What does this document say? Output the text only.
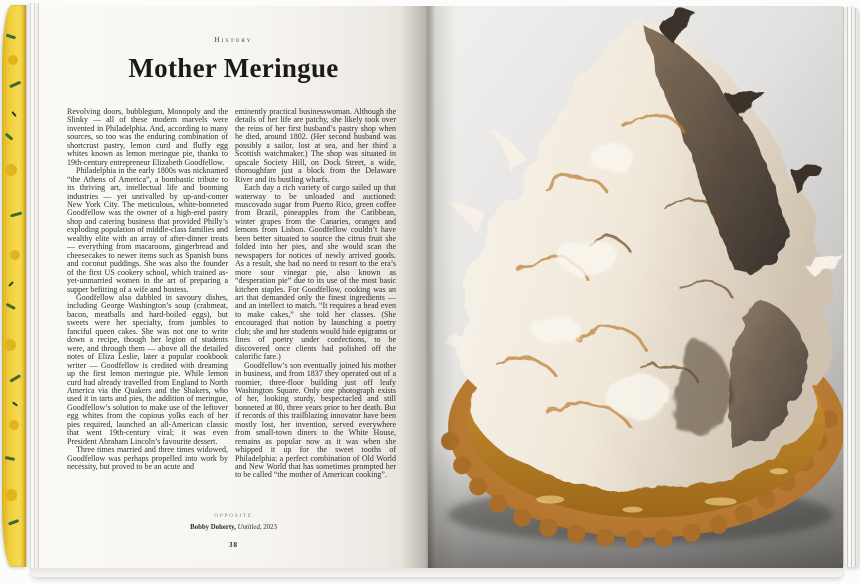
History
Mother Meringue

Revolving doors, bubblegum, Monopoly and the Slinky — all of these modern marvels were invented in Philadelphia. And, according to many sources, so too was the enduring combination of shortcrust pastry, lemon curd and fluffy egg whites known as lemon meringue pie, thanks to 19th-century entrepreneur Elizabeth Goodfellow.

Philadelphia in the early 1800s was nicknamed “the Athens of America”, a bombastic tribute to its thriving art, intellectual life and booming industries — yet unrivalled by up-and-comer New York City. The meticulous, white-bonneted Goodfellow was the owner of a high-end pastry shop and catering business that provided Philly’s exploding population of middle-class families and wealthy elite with an array of after-dinner treats — everything from macaroons, gingerbread and cheesecakes to newer items such as Spanish buns and coconut puddings. She was also the founder of the first US cookery school, which trained as-yet-unmarried women in the art of preparing a supper befitting of a wife and hostess.

Goodfellow also dabbled in savoury dishes, including George Washington’s soup (crabmeat, bacon, meatballs and hard-boiled eggs), but sweets were her specialty, from jumbles to fanciful queen cakes. She was not one to write down a recipe, though her legion of students were, and through them — above all the detailed notes of Eliza Leslie, later a popular cookbook writer — Goodfellow is credited with dreaming up the first lemon meringue pie. While lemon curd had already travelled from England to North America via the Quakers and the Shakers, who used it in tarts and pies, the addition of meringue, Goodfellow’s solution to make use of the leftover egg whites from the copious yolks each of her pies required, launched an all-American classic that went 19th-century viral; it was even President Abraham Lincoln’s favourite dessert.

Three times married and three times widowed, Goodfellow was perhaps propelled into work by necessity, but proved to be an acute and

eminently practical businesswoman. Although the details of her life are patchy, she likely took over the reins of her first husband’s pastry shop when he died, around 1802. (Her second husband was possibly a sailor, lost at sea, and her third a Scottish watchmaker.) The shop was situated in upscale Society Hill, on Dock Street, a wide, thoroughfare just a block from the Delaware River and its bustling wharfs.

Each day a rich variety of cargo sailed up that waterway to be unloaded and auctioned: muscovado sugar from Puerto Rico, green coffee from Brazil, pineapples from the Caribbean, winter grapes from the Canaries, oranges and lemons from Lisbon. Goodfellow couldn’t have been better situated to source the citrus fruit she folded into her pies, and she would scan the newspapers for notices of newly arrived goods. As a result, she had no need to resort to the era’s more sour vinegar pie, also known as “desperation pie” due to its use of the most basic kitchen staples. For Goodfellow, cooking was an art that demanded only the finest ingredients — and an intellect to match. “It requires a head even to make cakes,” she told her classes. (She encouraged that notion by launching a poetry club; she and her students would hide epigrams or lines of poetry under confections, to be discovered once clients had polished off the calorific fare.)

Goodfellow’s son eventually joined his mother in business, and from 1837 they operated out of a roomier, three-floor building just off leafy Washington Square. Only one photograph exists of her, looking sturdy, bespectacled and still bonneted at 80, three years prior to her death. But if records of this trailblazing innovator have been mostly lost, her invention, served everywhere from small-town diners to the White House, remains as popular now as it was when she whipped it up for the sweet tooths of Philadelphia: a perfect combination of Old World and New World that has sometimes prompted her to be called “the mother of American cooking”.

OPPOSITE
Bobby Doherty, Untitled, 2023
38
